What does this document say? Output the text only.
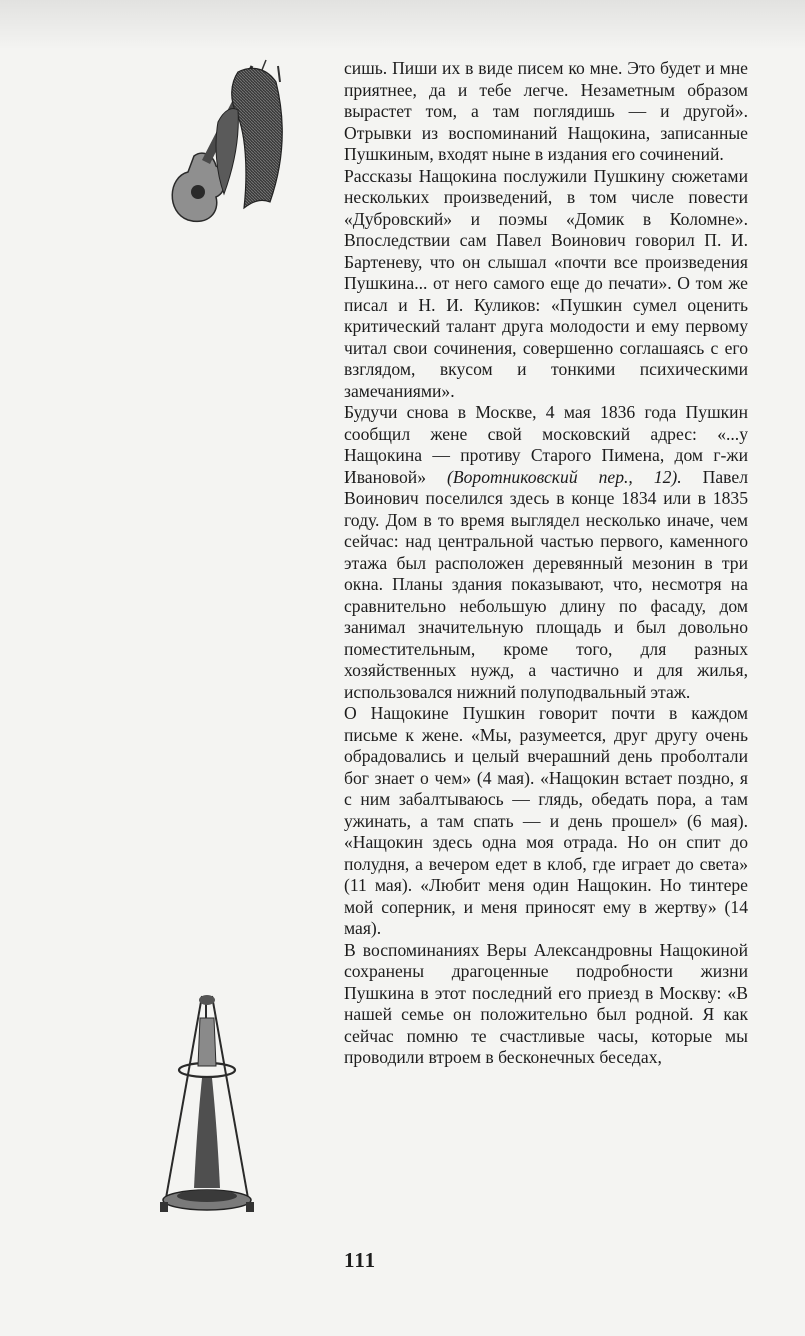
сишь. Пиши их в виде писем ко мне. Это будет и мне приятнее, да и тебе легче. Незаметным образом вырастет том, а там поглядишь — и другой». Отрывки из воспоминаний Нащокина, записанные Пушкиным, входят ныне в издания его сочинений.

Рассказы Нащокина послужили Пушкину сюжетами нескольких произведений, в том числе повести «Дубровский» и поэмы «Домик в Коломне». Впоследствии сам Павел Воинович говорил П. И. Бартеневу, что он слышал «почти все произведения Пушкина... от него самого еще до печати». О том же писал и Н. И. Куликов: «Пушкин сумел оценить критический талант друга молодости и ему первому читал свои сочинения, совершенно соглашаясь с его взглядом, вкусом и тонкими психическими замечаниями».

Будучи снова в Москве, 4 мая 1836 года Пушкин сообщил жене свой московский адрес: «...у Нащокина — противу Старого Пимена, дом г-жи Ивановой» (Воротниковский пер., 12). Павел Воинович поселился здесь в конце 1834 или в 1835 году. Дом в то время выглядел несколько иначе, чем сейчас: над центральной частью первого, каменного этажа был расположен деревянный мезонин в три окна. Планы здания показывают, что, несмотря на сравнительно небольшую длину по фасаду, дом занимал значительную площадь и был довольно поместительным, кроме того, для разных хозяйственных нужд, а частично и для жилья, использовался нижний полуподвальный этаж.

О Нащокине Пушкин говорит почти в каждом письме к жене. «Мы, разумеется, друг другу очень обрадовались и целый вчерашний день проболтали бог знает о чем» (4 мая). «Нащокин встает поздно, я с ним забалтываюсь — глядь, обедать пора, а там ужинать, а там спать — и день прошел» (6 мая). «Нащокин здесь одна моя отрада. Но он спит до полудня, а вечером едет в клоб, где играет до света» (11 мая). «Любит меня один Нащокин. Но тинтере мой соперник, и меня приносят ему в жертву» (14 мая).

В воспоминаниях Веры Александровны Нащокиной сохранены драгоценные подробности жизни Пушкина в этот последний его приезд в Москву: «В нашей семье он положительно был родной. Я как сейчас помню те счастливые часы, которые мы проводили втроем в бесконечных беседах,

111
